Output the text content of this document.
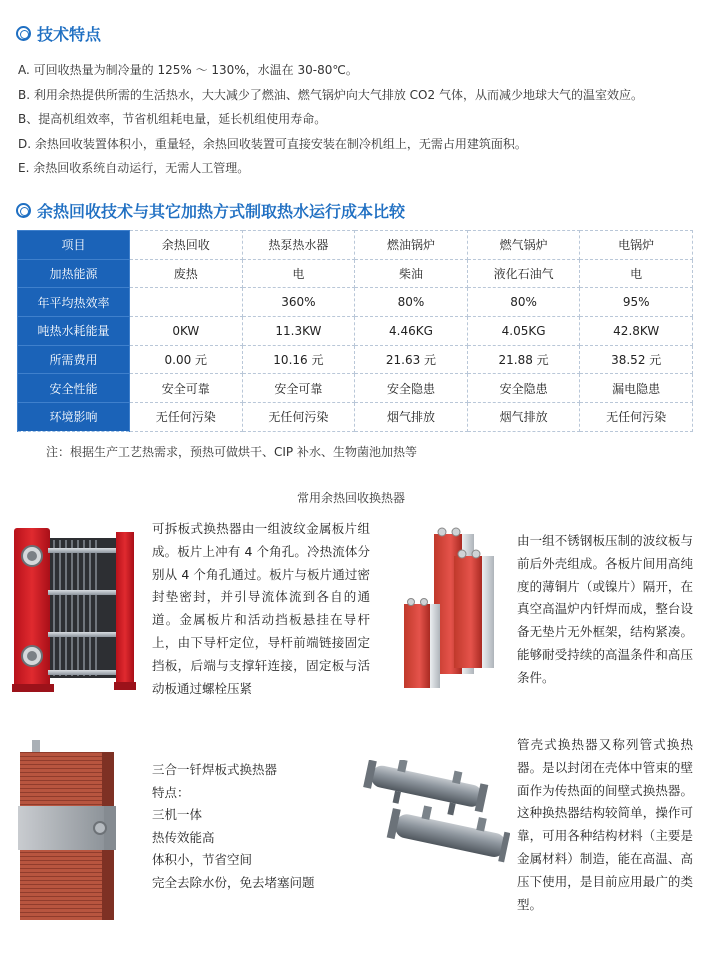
技术特点
A. 可回收热量为制冷量的 125% ～ 130%，水温在 30-80℃。
B. 利用余热提供所需的生活热水，大大减少了燃油、燃气锅炉向大气排放 CO2 气体，从而减少地球大气的温室效应。
B、提高机组效率，节省机组耗电量，延长机组使用寿命。
D. 余热回收装置体积小，重量轻，余热回收装置可直接安装在制冷机组上，无需占用建筑面积。
E. 余热回收系统自动运行，无需人工管理。
余热回收技术与其它加热方式制取热水运行成本比较
项目	余热回收	热泵热水器	燃油锅炉	燃气锅炉	电锅炉
加热能源	废热	电	柴油	液化石油气	电
年平均热效率		360%	80%	80%	95%
吨热水耗能量	0KW	11.3KW	4.46KG	4.05KG	42.8KW
所需费用	0.00 元	10.16 元	21.63 元	21.88 元	38.52 元
安全性能	安全可靠	安全可靠	安全隐患	安全隐患	漏电隐患
环境影响	无任何污染	无任何污染	烟气排放	烟气排放	无任何污染
注：根据生产工艺热需求，预热可做烘干、CIP 补水、生物菌池加热等
常用余热回收换热器
可拆板式换热器由一组波纹金属板片组成。板片上冲有 4 个角孔。冷热流体分别从 4 个角孔通过。板片与板片通过密封垫密封，并引导流体流到各自的通道。金属板片和活动挡板悬挂在导杆上，由下导杆定位，导杆前端链接固定挡板，后端与支撑轩连接，固定板与活动板通过螺栓压紧
由一组不锈钢板压制的波纹板与前后外壳组成。各板片间用高纯度的薄铜片（或镍片）隔开，在真空高温炉内钎焊而成，整台设备无垫片无外框架，结构紧凑。能够耐受持续的高温条件和高压条件。
三合一钎焊板式换热器
特点：
三机一体
热传效能高
体积小，节省空间
完全去除水份，免去堵塞问题
管壳式换热器又称列管式换热器。是以封闭在壳体中管束的壁面作为传热面的间壁式换热器。这种换热器结构较简单，操作可靠，可用各种结构材料（主要是金属材料）制造，能在高温、高压下使用，是目前应用最广的类型。
